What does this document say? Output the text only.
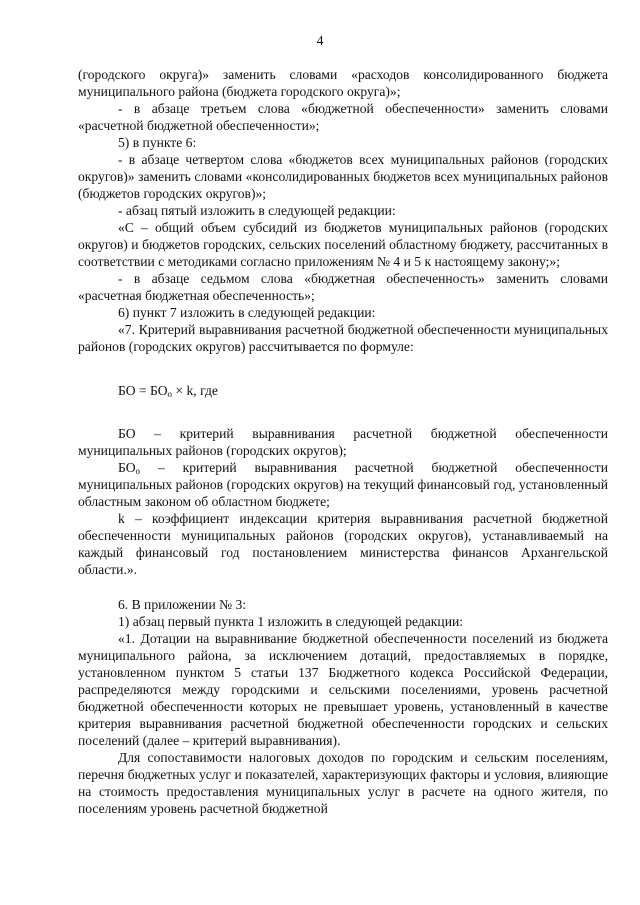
4

(городского округа)» заменить словами «расходов консолидированного бюджета муниципального района (бюджета городского округа)»;

- в абзаце третьем слова «бюджетной обеспеченности» заменить словами «расчетной бюджетной обеспеченности»;

5) в пункте 6:

- в абзаце четвертом слова «бюджетов всех муниципальных районов (городских округов)» заменить словами «консолидированных бюджетов всех муниципальных районов (бюджетов городских округов)»;

- абзац пятый изложить в следующей редакции:

«C – общий объем субсидий из бюджетов муниципальных районов (городских округов) и бюджетов городских, сельских поселений областному бюджету, рассчитанных в соответствии с методиками согласно приложениям № 4 и 5 к настоящему закону;»;

- в абзаце седьмом слова «бюджетная обеспеченность» заменить словами «расчетная бюджетная обеспеченность»;

6) пункт 7 изложить в следующей редакции:

«7. Критерий выравнивания расчетной бюджетной обеспеченности муниципальных районов (городских округов) рассчитывается по формуле:

БО = $БО_о \times k$, где

БО – критерий выравнивания расчетной бюджетной обеспеченности муниципальных районов (городских округов);

$БО_о$ – критерий выравнивания расчетной бюджетной обеспеченности муниципальных районов (городских округов) на текущий финансовый год, установленный областным законом об областном бюджете;

k – коэффициент индексации критерия выравнивания расчетной бюджетной обеспеченности муниципальных районов (городских округов), устанавливаемый на каждый финансовый год постановлением министерства финансов Архангельской области.».

6. В приложении № 3:

1) абзац первый пункта 1 изложить в следующей редакции:

«1. Дотации на выравнивание бюджетной обеспеченности поселений из бюджета муниципального района, за исключением дотаций, предоставляемых в порядке, установленном пунктом 5 статьи 137 Бюджетного кодекса Российской Федерации, распределяются между городскими и сельскими поселениями, уровень расчетной бюджетной обеспеченности которых не превышает уровень, установленный в качестве критерия выравнивания расчетной бюджетной обеспеченности городских и сельских поселений (далее – критерий выравнивания).

Для сопоставимости налоговых доходов по городским и сельским поселениям, перечня бюджетных услуг и показателей, характеризующих факторы и условия, влияющие на стоимость предоставления муниципальных услуг в расчете на одного жителя, по поселениям уровень расчетной бюджетной
